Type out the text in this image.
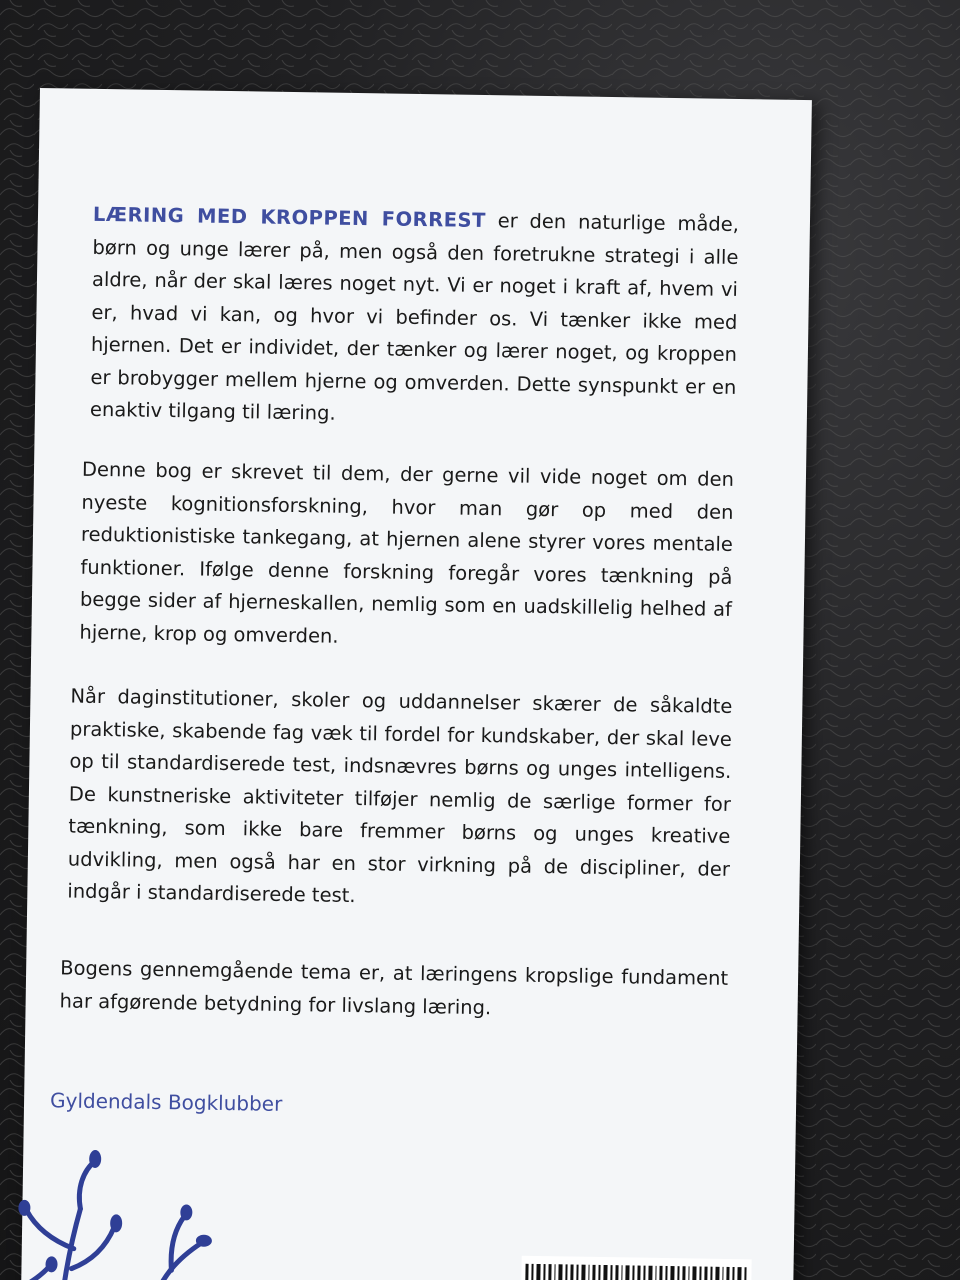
LÆRING MED KROPPEN FORREST er den naturlige måde, børn og unge lærer på, men også den foretrukne strategi i alle aldre, når der skal læres noget nyt. Vi er noget i kraft af, hvem vi er, hvad vi kan, og hvor vi befinder os. Vi tænker ikke med hjernen. Det er individet, der tænker og lærer noget, og kroppen er brobygger mellem hjerne og omverden. Dette synspunkt er en enaktiv tilgang til læring.

Denne bog er skrevet til dem, der gerne vil vide noget om den nyeste kognitionsforskning, hvor man gør op med den reduktionistiske tankegang, at hjernen alene styrer vores mentale funktioner. Ifølge denne forskning foregår vores tænkning på begge sider af hjerneskallen, nemlig som en uadskillelig helhed af hjerne, krop og omverden.

Når daginstitutioner, skoler og uddannelser skærer de såkaldte praktiske, skabende fag væk til fordel for kundskaber, der skal leve op til standardiserede test, indsnævres børns og unges intelligens. De kunstneriske aktiviteter tilføjer nemlig de særlige former for tænkning, som ikke bare fremmer børns og unges kreative udvikling, men også har en stor virkning på de discipliner, der indgår i standardiserede test.

Bogens gennemgående tema er, at læringens kropslige fundament har afgørende betydning for livslang læring.

Gyldendals Bogklubber
